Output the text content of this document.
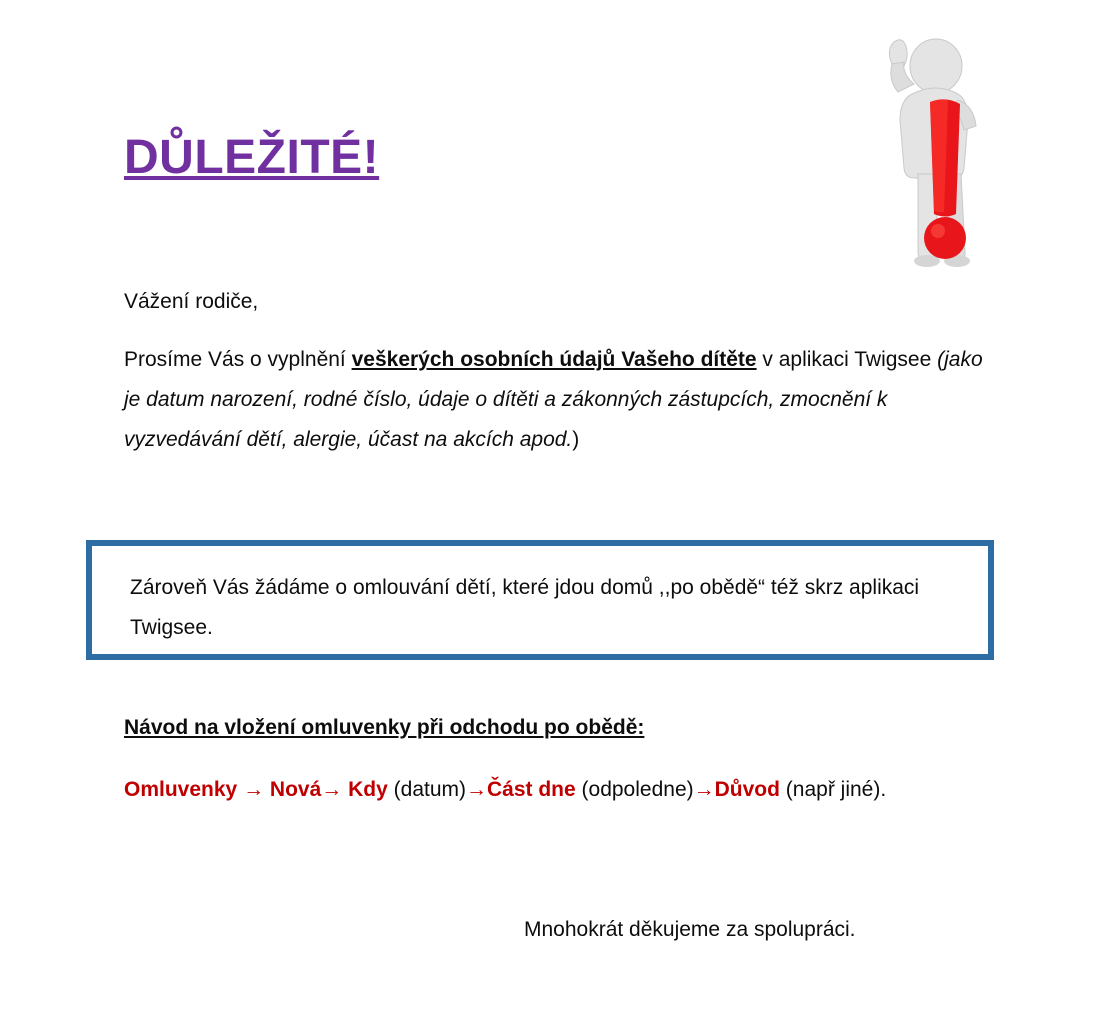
DŮLEŽITÉ!
Vážení rodiče,
Prosíme Vás o vyplnění veškerých osobních údajů Vašeho dítěte v aplikaci Twigsee (jako je datum narození, rodné číslo, údaje o dítěti a zákonných zástupcích, zmocnění k vyzvedávání dětí, alergie, účast na akcích apod.)
Zároveň Vás žádáme o omlouvání dětí, které jdou domů ,,po obědě“ též skrz aplikaci Twigsee.
Návod na vložení omluvenky při odchodu po obědě:
Omluvenky → Nová→ Kdy (datum)→Část dne (odpoledne)→Důvod (např jiné).
Mnohokrát děkujeme za spolupráci.
